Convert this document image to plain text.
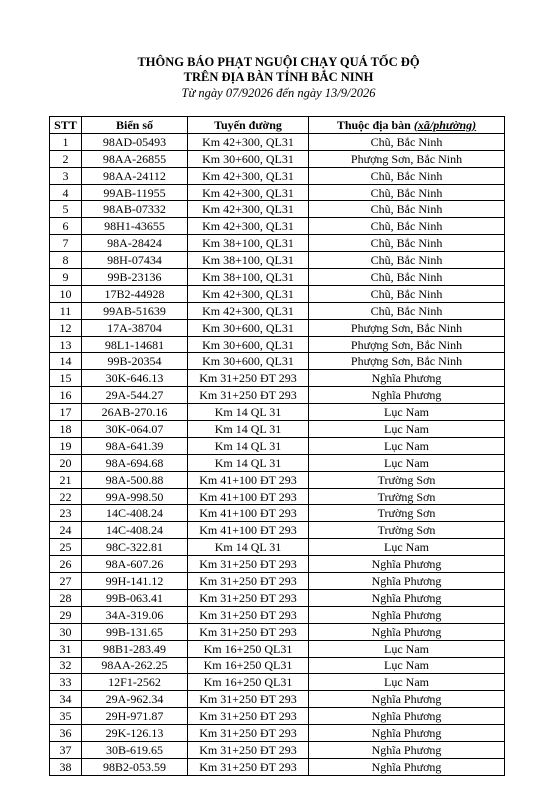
THÔNG BÁO PHẠT NGUỘI CHẠY QUÁ TỐC ĐỘ
TRÊN ĐỊA BÀN TỈNH BẮC NINH
Từ ngày 07/92026 đến ngày 13/9/2026
STT	Biển số	Tuyến đường	Thuộc địa bàn (xã/phường)
1	98AD-05493	Km 42+300, QL31	Chũ, Bắc Ninh
2	98AA-26855	Km 30+600, QL31	Phượng Sơn, Bắc Ninh
3	98AA-24112	Km 42+300, QL31	Chũ, Bắc Ninh
4	99AB-11955	Km 42+300, QL31	Chũ, Bắc Ninh
5	98AB-07332	Km 42+300, QL31	Chũ, Bắc Ninh
6	98H1-43655	Km 42+300, QL31	Chũ, Bắc Ninh
7	98A-28424	Km 38+100, QL31	Chũ, Bắc Ninh
8	98H-07434	Km 38+100, QL31	Chũ, Bắc Ninh
9	99B-23136	Km 38+100, QL31	Chũ, Bắc Ninh
10	17B2-44928	Km 42+300, QL31	Chũ, Bắc Ninh
11	99AB-51639	Km 42+300, QL31	Chũ, Bắc Ninh
12	17A-38704	Km 30+600, QL31	Phượng Sơn, Bắc Ninh
13	98L1-14681	Km 30+600, QL31	Phượng Sơn, Bắc Ninh
14	99B-20354	Km 30+600, QL31	Phượng Sơn, Bắc Ninh
15	30K-646.13	Km 31+250 ĐT 293	Nghĩa Phương
16	29A-544.27	Km 31+250 ĐT 293	Nghĩa Phương
17	26AB-270.16	Km 14 QL 31	Lục Nam
18	30K-064.07	Km 14 QL 31	Lục Nam
19	98A-641.39	Km 14 QL 31	Lục Nam
20	98A-694.68	Km 14 QL 31	Lục Nam
21	98A-500.88	Km 41+100 ĐT 293	Trường Sơn
22	99A-998.50	Km 41+100 ĐT 293	Trường Sơn
23	14C-408.24	Km 41+100 ĐT 293	Trường Sơn
24	14C-408.24	Km 41+100 ĐT 293	Trường Sơn
25	98C-322.81	Km 14 QL 31	Lục Nam
26	98A-607.26	Km 31+250 ĐT 293	Nghĩa Phương
27	99H-141.12	Km 31+250 ĐT 293	Nghĩa Phương
28	99B-063.41	Km 31+250 ĐT 293	Nghĩa Phương
29	34A-319.06	Km 31+250 ĐT 293	Nghĩa Phương
30	99B-131.65	Km 31+250 ĐT 293	Nghĩa Phương
31	98B1-283.49	Km 16+250 QL31	Lục Nam
32	98AA-262.25	Km 16+250 QL31	Lục Nam
33	12F1-2562	Km 16+250 QL31	Lục Nam
34	29A-962.34	Km 31+250 ĐT 293	Nghĩa Phương
35	29H-971.87	Km 31+250 ĐT 293	Nghĩa Phương
36	29K-126.13	Km 31+250 ĐT 293	Nghĩa Phương
37	30B-619.65	Km 31+250 ĐT 293	Nghĩa Phương
38	98B2-053.59	Km 31+250 ĐT 293	Nghĩa Phương
